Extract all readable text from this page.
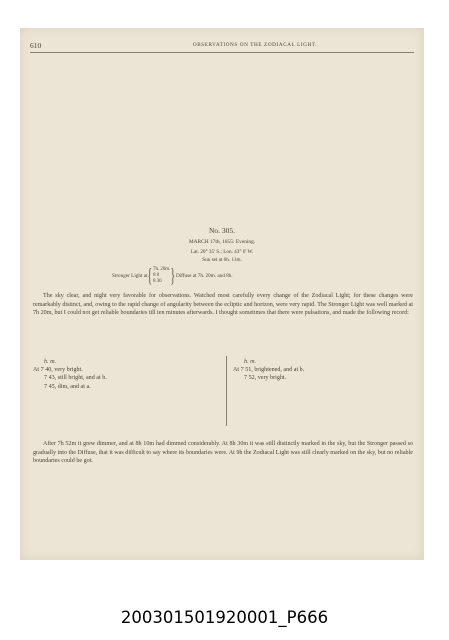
610	OBSERVATIONS ON THE ZODIACAL LIGHT.
No. 305.
MARCH 17th, 1855: Evening.
Lat. 20° 35' S.; Lon. 43° 6' W.
Sun set at 6h. 11m.
Stronger Light at { 7h. 20m.
8 0
8 30 } Diffuse at 7h. 20m. and 8h.

The sky clear, and night very favorable for observations. Watched most carefully every change of the Zodiacal Light; for these changes were remarkably distinct, and, owing to the rapid change of angularity between the ecliptic and horizon, were very rapid. The Stronger Light was well marked at 7h 20m, but I could not get reliable boundaries till ten minutes afterwards. I thought sometimes that there were pulsations, and made the following record:

h. m.
At 7 40, very bright.
7 43, still bright, and at b.
7 45, dim, and at a.
h. m.
At 7 51, brightened, and at b.
7 52, very bright.

After 7h 52m it grew dimmer, and at 8h 10m had dimmed considerably. At 8h 30m it was still distinctly marked in the sky, but the Stronger passed so gradually into the Diffuse, that it was difficult to say where its boundaries were. At 9h the Zodiacal Light was still clearly marked on the sky, but no reliable boundaries could be got.

200301501920001_P666
